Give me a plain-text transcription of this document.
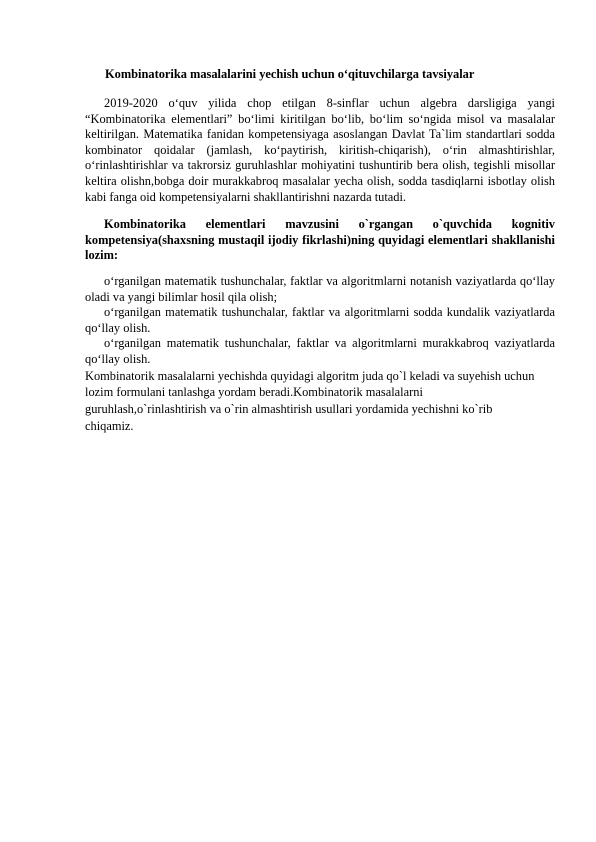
Kombinatorika masalalarini yechish uchun o‘qituvchilarga tavsiyalar

2019-2020 o‘quv yilida chop etilgan 8-sinflar uchun algebra darsligiga yangi “Kombinatorika elementlari” bo‘limi kiritilgan bo‘lib, bo‘lim so‘ngida misol va masalalar keltirilgan. Matematika fanidan kompetensiyaga asoslangan Davlat Ta`lim standartlari sodda kombinator qoidalar (jamlash, ko‘paytirish, kiritish-chiqarish), o‘rin almashtirishlar, o‘rinlashtirishlar va takrorsiz guruhlashlar mohiyatini tushuntirib bera olish, tegishli misollar keltira olishn,bobga doir murakkabroq masalalar yecha olish, sodda tasdiqlarni isbotlay olish kabi fanga oid kompetensiyalarni shakllantirishni nazarda tutadi.

Kombinatorika elementlari mavzusini o`rgangan o`quvchida kognitiv kompetensiya(shaxsning mustaqil ijodiy fikrlashi)ning quyidagi elementlari shakllanishi lozim:

o‘rganilgan matematik tushunchalar, faktlar va algoritmlarni notanish vaziyatlarda qo‘llay oladi va yangi bilimlar hosil qila olish;

o‘rganilgan matematik tushunchalar, faktlar va algoritmlarni sodda kundalik vaziyatlarda qo‘llay olish.

o‘rganilgan matematik tushunchalar, faktlar va algoritmlarni murakkabroq vaziyatlarda qo‘llay olish.

Kombinatorik masalalarni yechishda quyidagi algoritm juda qo`l keladi va suyehish uchun lozim formulani tanlashga yordam beradi.Kombinatorik masalalarni guruhlash,o`rinlashtirish va o`rin almashtirish usullari yordamida yechishni ko`rib chiqamiz.
